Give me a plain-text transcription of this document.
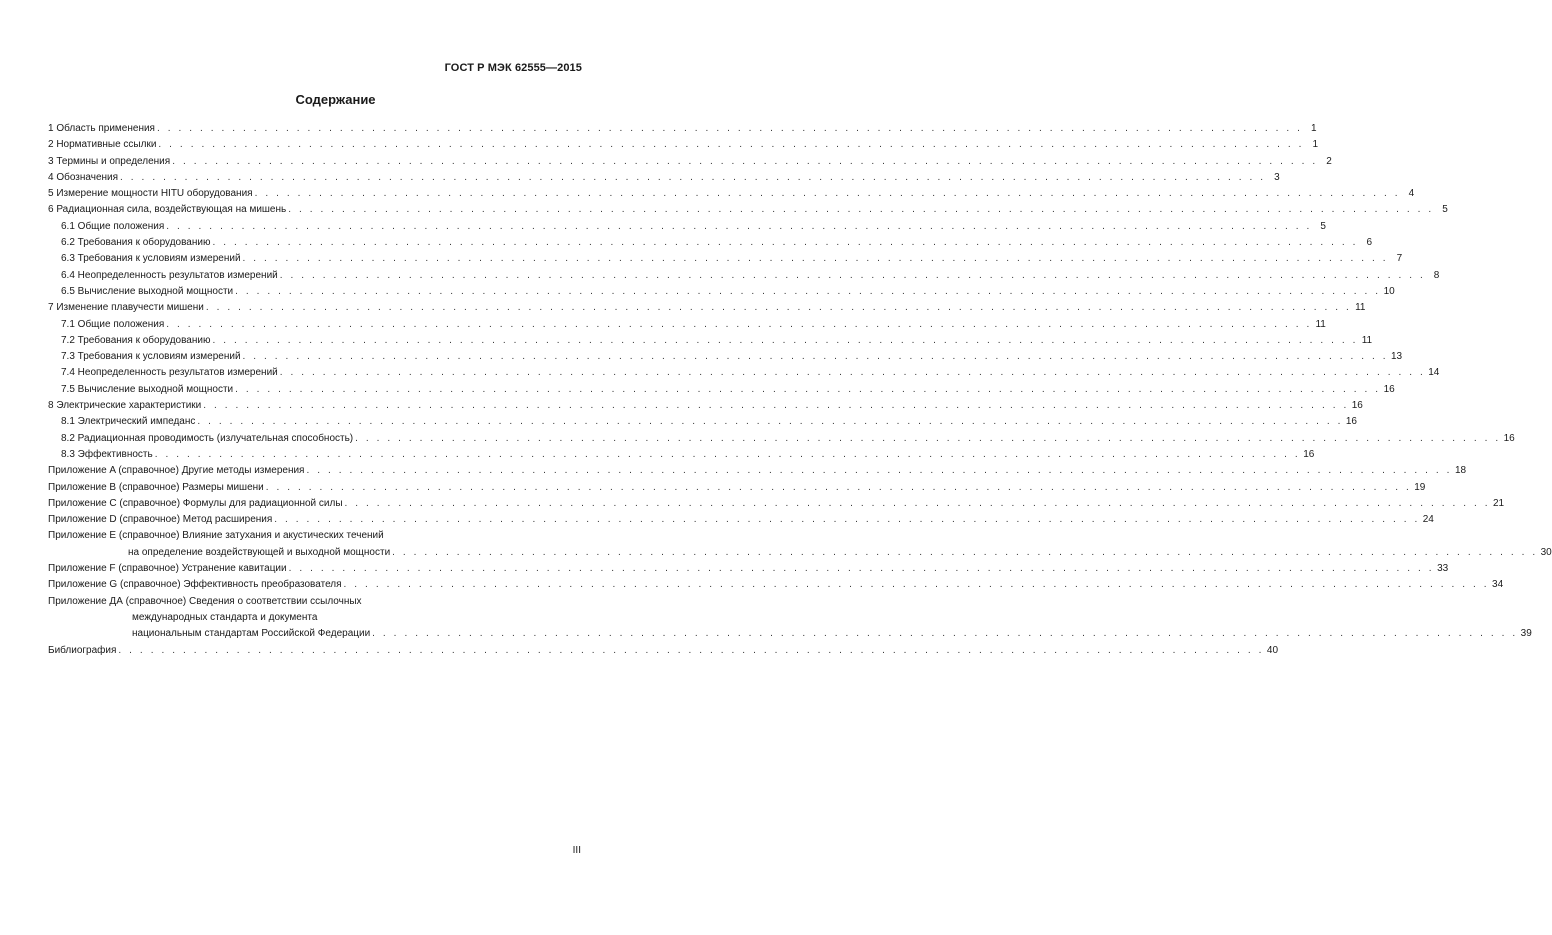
ГОСТ Р МЭК 62555—2015
Содержание
1 Область применения . . . . . . . . . . . . . . . . . . . . . . . . . . . . . . . . . . . . . . . . . . . . . . . . . . . . . . . . . . . . . . . . . . . . . . . . . . . . . . . . . . . . . . . . . . . . . . . . . . . . . . . . . . . 1
2 Нормативные ссылки . . . . . . . . . . . . . . . . . . . . . . . . . . . . . . . . . . . . . . . . . . . . . . . . . . . . . . . . . . . . . . . . . . . . . . . . . . . . . . . . . . . . . . . . . . . . . . . . . . . . . . . . . . . 1
3 Термины и определения . . . . . . . . . . . . . . . . . . . . . . . . . . . . . . . . . . . . . . . . . . . . . . . . . . . . . . . . . . . . . . . . . . . . . . . . . . . . . . . . . . . . . . . . . . . . . . . . . . . . . . . . . . . 2
4 Обозначения . . . . . . . . . . . . . . . . . . . . . . . . . . . . . . . . . . . . . . . . . . . . . . . . . . . . . . . . . . . . . . . . . . . . . . . . . . . . . . . . . . . . . . . . . . . . . . . . . . . . . . . . . . . 3
5 Измерение мощности HITU оборудования . . . . . . . . . . . . . . . . . . . . . . . . . . . . . . . . . . . . . . . . . . . . . . . . . . . . . . . . . . . . . . . . . . . . . . . . . . . . . . . . . . . . . . . . . . . . . . . . . . . . . . . . . . . 4
6 Радиационная сила, воздействующая на мишень . . . . . . . . . . . . . . . . . . . . . . . . . . . . . . . . . . . . . . . . . . . . . . . . . . . . . . . . . . . . . . . . . . . . . . . . . . . . . . . . . . . . . . . . . . . . . . . . . . . . . . . . . . . 5
6.1 Общие положения . . . . . . . . . . . . . . . . . . . . . . . . . . . . . . . . . . . . . . . . . . . . . . . . . . . . . . . . . . . . . . . . . . . . . . . . . . . . . . . . . . . . . . . . . . . . . . . . . . . . . . . . . . . 5
6.2 Требования к оборудованию . . . . . . . . . . . . . . . . . . . . . . . . . . . . . . . . . . . . . . . . . . . . . . . . . . . . . . . . . . . . . . . . . . . . . . . . . . . . . . . . . . . . . . . . . . . . . . . . . . . . . . . . . . . 6
6.3 Требования к условиям измерений . . . . . . . . . . . . . . . . . . . . . . . . . . . . . . . . . . . . . . . . . . . . . . . . . . . . . . . . . . . . . . . . . . . . . . . . . . . . . . . . . . . . . . . . . . . . . . . . . . . . . . . . . . . 7
6.4 Неопределенность результатов измерений . . . . . . . . . . . . . . . . . . . . . . . . . . . . . . . . . . . . . . . . . . . . . . . . . . . . . . . . . . . . . . . . . . . . . . . . . . . . . . . . . . . . . . . . . . . . . . . . . . . . . . . . . . . 8
6.5 Вычисление выходной мощности . . . . . . . . . . . . . . . . . . . . . . . . . . . . . . . . . . . . . . . . . . . . . . . . . . . . . . . . . . . . . . . . . . . . . . . . . . . . . . . . . . . . . . . . . . . . . . . . . . . . . . . . . . . 10
7 Изменение плавучести мишени . . . . . . . . . . . . . . . . . . . . . . . . . . . . . . . . . . . . . . . . . . . . . . . . . . . . . . . . . . . . . . . . . . . . . . . . . . . . . . . . . . . . . . . . . . . . . . . . . . . . . . . . . . . 11
7.1 Общие положения . . . . . . . . . . . . . . . . . . . . . . . . . . . . . . . . . . . . . . . . . . . . . . . . . . . . . . . . . . . . . . . . . . . . . . . . . . . . . . . . . . . . . . . . . . . . . . . . . . . . . . . . . . . 11
7.2 Требования к оборудованию . . . . . . . . . . . . . . . . . . . . . . . . . . . . . . . . . . . . . . . . . . . . . . . . . . . . . . . . . . . . . . . . . . . . . . . . . . . . . . . . . . . . . . . . . . . . . . . . . . . . . . . . . . . 11
7.3 Требования к условиям измерений . . . . . . . . . . . . . . . . . . . . . . . . . . . . . . . . . . . . . . . . . . . . . . . . . . . . . . . . . . . . . . . . . . . . . . . . . . . . . . . . . . . . . . . . . . . . . . . . . . . . . . . . . . . 13
7.4 Неопределенность результатов измерений . . . . . . . . . . . . . . . . . . . . . . . . . . . . . . . . . . . . . . . . . . . . . . . . . . . . . . . . . . . . . . . . . . . . . . . . . . . . . . . . . . . . . . . . . . . . . . . . . . . . . . . . . . . 14
7.5 Вычисление выходной мощности . . . . . . . . . . . . . . . . . . . . . . . . . . . . . . . . . . . . . . . . . . . . . . . . . . . . . . . . . . . . . . . . . . . . . . . . . . . . . . . . . . . . . . . . . . . . . . . . . . . . . . . . . . . 16
8 Электрические характеристики . . . . . . . . . . . . . . . . . . . . . . . . . . . . . . . . . . . . . . . . . . . . . . . . . . . . . . . . . . . . . . . . . . . . . . . . . . . . . . . . . . . . . . . . . . . . . . . . . . . . . . . . . . . 16
8.1 Электрический импеданс . . . . . . . . . . . . . . . . . . . . . . . . . . . . . . . . . . . . . . . . . . . . . . . . . . . . . . . . . . . . . . . . . . . . . . . . . . . . . . . . . . . . . . . . . . . . . . . . . . . . . . . . . . . 16
8.2 Радиационная проводимость (излучательная способность) . . . . . . . . . . . . . . . . . . . . . . . . . . . . . . . . . . . . . . . . . . . . . . . . . . . . . . . . . . . . . . . . . . . . . . . . . . . . . . . . . . . . . . . . . . . . . . . . . . . . . . . . . . . 16
8.3 Эффективность . . . . . . . . . . . . . . . . . . . . . . . . . . . . . . . . . . . . . . . . . . . . . . . . . . . . . . . . . . . . . . . . . . . . . . . . . . . . . . . . . . . . . . . . . . . . . . . . . . . . . . . . . . . 16
Приложение A (справочное) Другие методы измерения . . . . . . . . . . . . . . . . . . . . . . . . . . . . . . . . . . . . . . . . . . . . . . . . . . . . . . . . . . . . . . . . . . . . . . . . . . . . . . . . . . . . . . . . . . . . . . . . . . . . . . . . . . . 18
Приложение B (справочное) Размеры мишени . . . . . . . . . . . . . . . . . . . . . . . . . . . . . . . . . . . . . . . . . . . . . . . . . . . . . . . . . . . . . . . . . . . . . . . . . . . . . . . . . . . . . . . . . . . . . . . . . . . . . . . . . . . 19
Приложение C (справочное) Формулы для радиационной силы . . . . . . . . . . . . . . . . . . . . . . . . . . . . . . . . . . . . . . . . . . . . . . . . . . . . . . . . . . . . . . . . . . . . . . . . . . . . . . . . . . . . . . . . . . . . . . . . . . . . . . . . . . . 21
Приложение D (справочное) Метод расширения . . . . . . . . . . . . . . . . . . . . . . . . . . . . . . . . . . . . . . . . . . . . . . . . . . . . . . . . . . . . . . . . . . . . . . . . . . . . . . . . . . . . . . . . . . . . . . . . . . . . . . . . . . . 24
Приложение E (справочное) Влияние затухания и акустических течений
на определение воздействующей и выходной мощности . . . . . . . . . . . . . . . . . . . . . . . . . . . . . . . . . . . . . . . . . . . . . . . . . . . . . . . . . . . . . . . . . . . . . . . . . . . . . . . . . . . . . . . . . . . . . . . . . . . . . . . . . . . 30
Приложение F (справочное) Устранение кавитации . . . . . . . . . . . . . . . . . . . . . . . . . . . . . . . . . . . . . . . . . . . . . . . . . . . . . . . . . . . . . . . . . . . . . . . . . . . . . . . . . . . . . . . . . . . . . . . . . . . . . . . . . . . 33
Приложение G (справочное) Эффективность преобразователя . . . . . . . . . . . . . . . . . . . . . . . . . . . . . . . . . . . . . . . . . . . . . . . . . . . . . . . . . . . . . . . . . . . . . . . . . . . . . . . . . . . . . . . . . . . . . . . . . . . . . . . . . . . 34
Приложение ДА (справочное) Сведения о соответствии ссылочных
международных стандарта и документа
национальным стандартам Российской Федерации . . . . . . . . . . . . . . . . . . . . . . . . . . . . . . . . . . . . . . . . . . . . . . . . . . . . . . . . . . . . . . . . . . . . . . . . . . . . . . . . . . . . . . . . . . . . . . . . . . . . . . . . . . . 39
Библиография . . . . . . . . . . . . . . . . . . . . . . . . . . . . . . . . . . . . . . . . . . . . . . . . . . . . . . . . . . . . . . . . . . . . . . . . . . . . . . . . . . . . . . . . . . . . . . . . . . . . . . . . . . . 40
III
